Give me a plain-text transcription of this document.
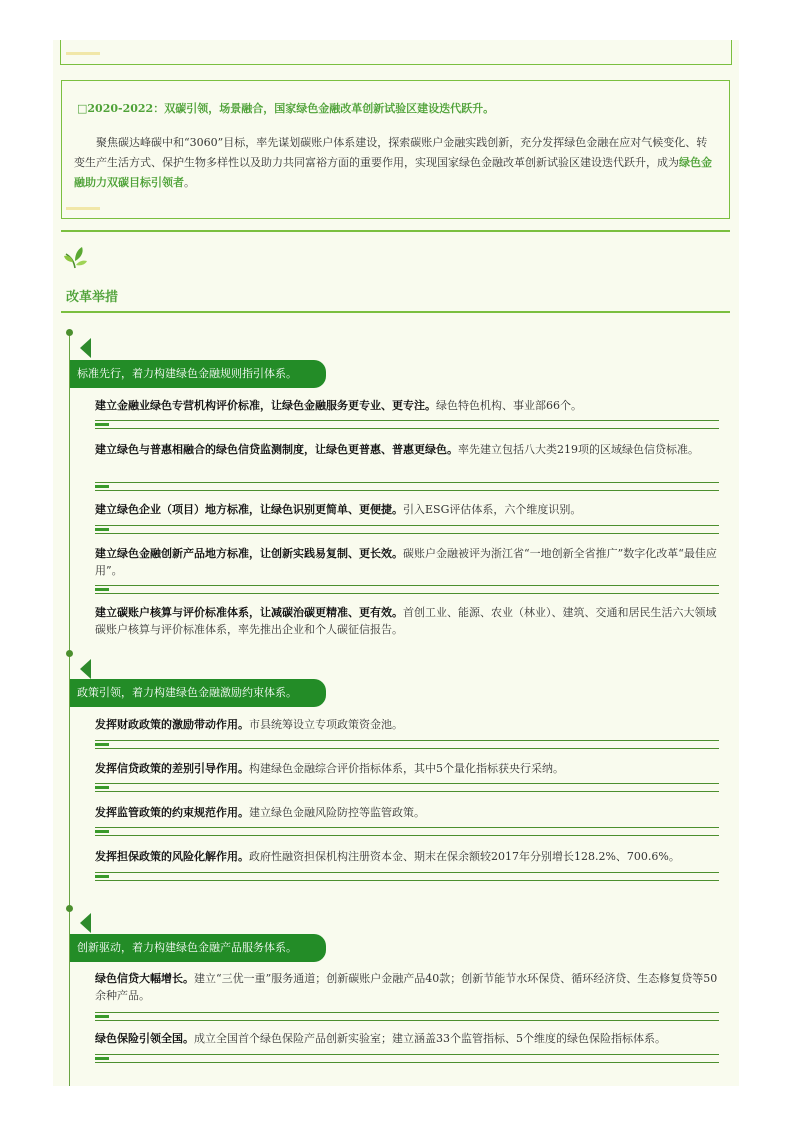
□2020-2022：双碳引领，场景融合，国家绿色金融改革创新试验区建设迭代跃升。
聚焦碳达峰碳中和“3060”目标，率先谋划碳账户体系建设，探索碳账户金融实践创新，充分发挥绿色金融在应对气候变化、转变生产生活方式、保护生物多样性以及助力共同富裕方面的重要作用，实现国家绿色金融改革创新试验区建设迭代跃升，成为绿色金融助力双碳目标引领者。
改革举措
标准先行，着力构建绿色金融规则指引体系。
建立金融业绿色专营机构评价标准，让绿色金融服务更专业、更专注。绿色特色机构、事业部66个。
建立绿色与普惠相融合的绿色信贷监测制度，让绿色更普惠、普惠更绿色。率先建立包括八大类219项的区域绿色信贷标准。
建立绿色企业（项目）地方标准，让绿色识别更简单、更便捷。引入ESG评估体系，六个维度识别。
建立绿色金融创新产品地方标准，让创新实践易复制、更长效。碳账户金融被评为浙江省“一地创新全省推广”数字化改革“最佳应用”。
建立碳账户核算与评价标准体系，让减碳治碳更精准、更有效。首创工业、能源、农业（林业）、建筑、交通和居民生活六大领域碳账户核算与评价标准体系，率先推出企业和个人碳征信报告。
政策引领，着力构建绿色金融激励约束体系。
发挥财政政策的激励带动作用。市县统筹设立专项政策资金池。
发挥信贷政策的差别引导作用。构建绿色金融综合评价指标体系，其中5个量化指标获央行采纳。
发挥监管政策的约束规范作用。建立绿色金融风险防控等监管政策。
发挥担保政策的风险化解作用。政府性融资担保机构注册资本金、期末在保余额较2017年分别增长128.2%、700.6%。
创新驱动，着力构建绿色金融产品服务体系。
绿色信贷大幅增长。建立“三优一重”服务通道；创新碳账户金融产品40款；创新节能节水环保贷、循环经济贷、生态修复贷等50余种产品。
绿色保险引领全国。成立全国首个绿色保险产品创新实验室；建立涵盖33个监管指标、5个维度的绿色保险指标体系。
